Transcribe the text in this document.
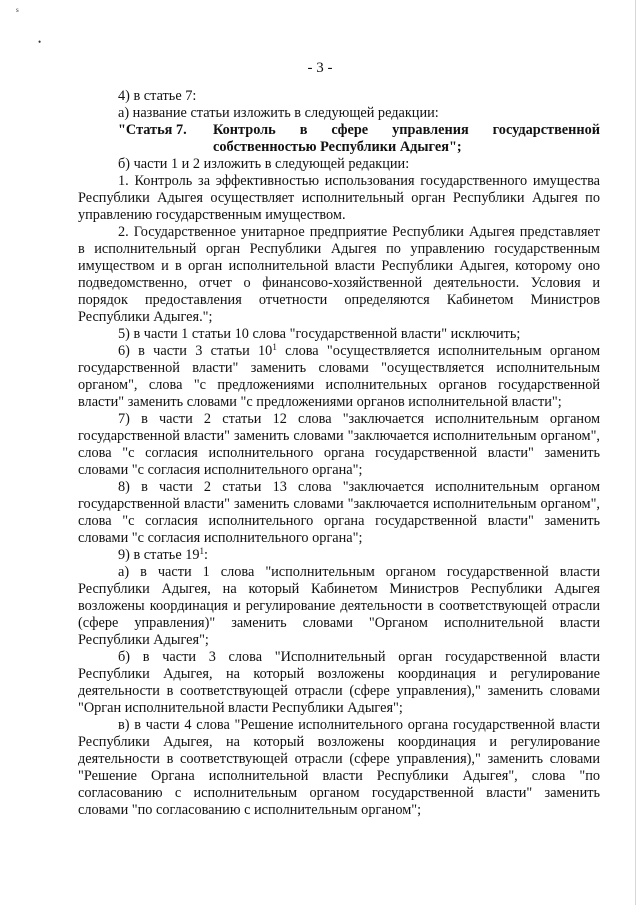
s
•
- 3 -

4) в статье 7:

а) название статьи изложить в следующей редакции:

"Статья 7.	Контроль в сфере управления государственной собственностью Республики Адыгея";

б) части 1 и 2 изложить в следующей редакции:

1. Контроль за эффективностью использования государственного имущества Республики Адыгея осуществляет исполнительный орган Республики Адыгея по управлению государственным имуществом.

2. Государственное унитарное предприятие Республики Адыгея представляет в исполнительный орган Республики Адыгея по управлению государственным имуществом и в орган исполнительной власти Республики Адыгея, которому оно подведомственно, отчет о финансово-хозяйственной деятельности. Условия и порядок предоставления отчетности определяются Кабинетом Министров Республики Адыгея.";

5) в части 1 статьи 10 слова "государственной власти" исключить;

6) в части 3 статьи $10^1$ слова "осуществляется исполнительным органом государственной власти" заменить словами "осуществляется исполнительным органом", слова "с предложениями исполнительных органов государственной власти" заменить словами "с предложениями органов исполнительной власти";

7) в части 2 статьи 12 слова "заключается исполнительным органом государственной власти" заменить словами "заключается исполнительным органом", слова "с согласия исполнительного органа государственной власти" заменить словами "с согласия исполнительного органа";

8) в части 2 статьи 13 слова "заключается исполнительным органом государственной власти" заменить словами "заключается исполнительным органом", слова "с согласия исполнительного органа государственной власти" заменить словами "с согласия исполнительного органа";

9) в статье $19^1$:

а) в части 1 слова "исполнительным органом государственной власти Республики Адыгея, на который Кабинетом Министров Республики Адыгея возложены координация и регулирование деятельности в соответствующей отрасли (сфере управления)" заменить словами "Органом исполнительной власти Республики Адыгея";

б) в части 3 слова "Исполнительный орган государственной власти Республики Адыгея, на который возложены координация и регулирование деятельности в соответствующей отрасли (сфере управления)," заменить словами "Орган исполнительной власти Республики Адыгея";

в) в части 4 слова "Решение исполнительного органа государственной власти Республики Адыгея, на который возложены координация и регулирование деятельности в соответствующей отрасли (сфере управления)," заменить словами "Решение Органа исполнительной власти Республики Адыгея", слова "по согласованию с исполнительным органом государственной власти" заменить словами "по согласованию с исполнительным органом";
